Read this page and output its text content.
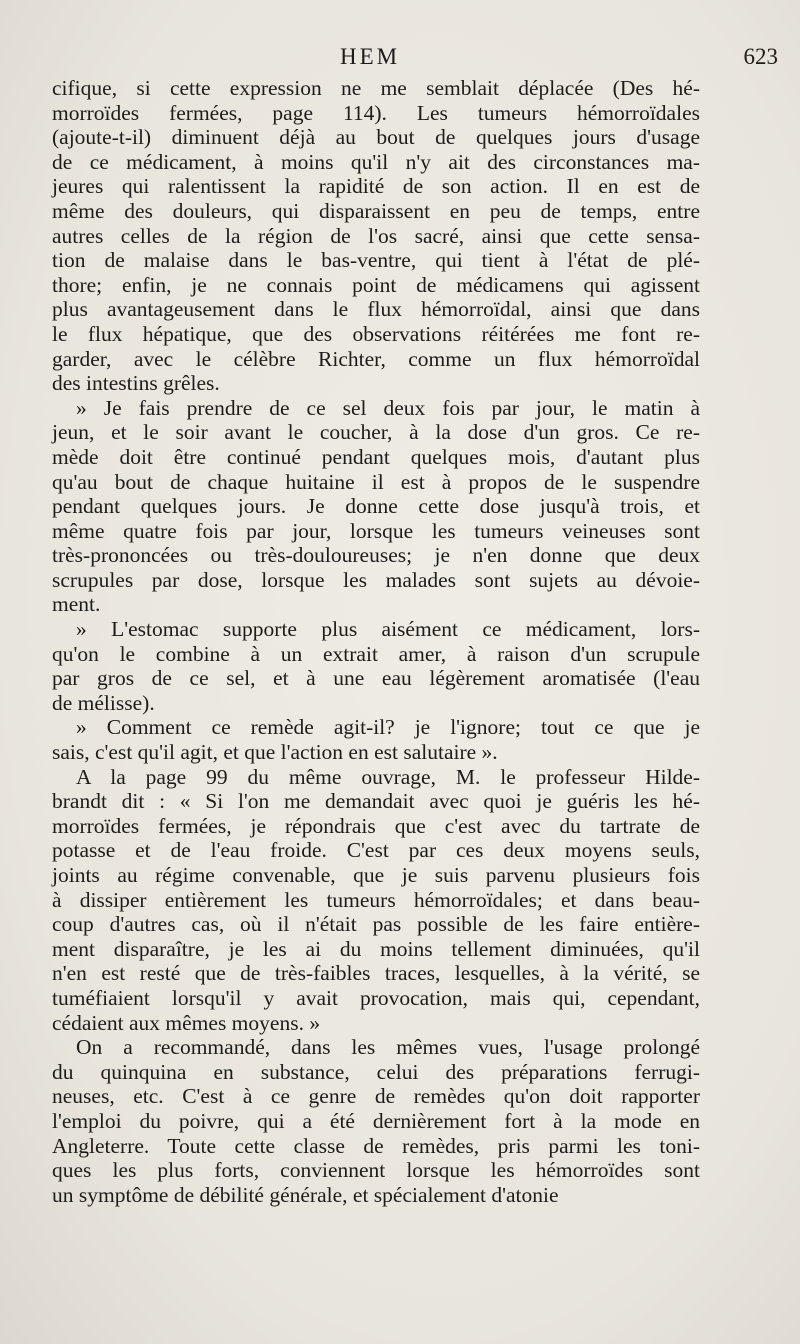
HEM	623
cifique, si cette expression ne me semblait déplacée (Des hé-
morroïdes fermées, page 114). Les tumeurs hémorroïdales
(ajoute-t-il) diminuent déjà au bout de quelques jours d'usage
de ce médicament, à moins qu'il n'y ait des circonstances ma-
jeures qui ralentissent la rapidité de son action. Il en est de
même des douleurs, qui disparaissent en peu de temps, entre
autres celles de la région de l'os sacré, ainsi que cette sensa-
tion de malaise dans le bas-ventre, qui tient à l'état de plé-
thore; enfin, je ne connais point de médicamens qui agissent
plus avantageusement dans le flux hémorroïdal, ainsi que dans
le flux hépatique, que des observations réitérées me font re-
garder, avec le célèbre Richter, comme un flux hémorroïdal
des intestins grêles.
» Je fais prendre de ce sel deux fois par jour, le matin à
jeun, et le soir avant le coucher, à la dose d'un gros. Ce re-
mède doit être continué pendant quelques mois, d'autant plus
qu'au bout de chaque huitaine il est à propos de le suspendre
pendant quelques jours. Je donne cette dose jusqu'à trois, et
même quatre fois par jour, lorsque les tumeurs veineuses sont
très-prononcées ou très-douloureuses; je n'en donne que deux
scrupules par dose, lorsque les malades sont sujets au dévoie-
ment.
» L'estomac supporte plus aisément ce médicament, lors-
qu'on le combine à un extrait amer, à raison d'un scrupule
par gros de ce sel, et à une eau légèrement aromatisée (l'eau
de mélisse).
» Comment ce remède agit-il? je l'ignore; tout ce que je
sais, c'est qu'il agit, et que l'action en est salutaire ».
A la page 99 du même ouvrage, M. le professeur Hilde-
brandt dit : « Si l'on me demandait avec quoi je guéris les hé-
morroïdes fermées, je répondrais que c'est avec du tartrate de
potasse et de l'eau froide. C'est par ces deux moyens seuls,
joints au régime convenable, que je suis parvenu plusieurs fois
à dissiper entièrement les tumeurs hémorroïdales; et dans beau-
coup d'autres cas, où il n'était pas possible de les faire entière-
ment disparaître, je les ai du moins tellement diminuées, qu'il
n'en est resté que de très-faibles traces, lesquelles, à la vérité, se
tuméfiaient lorsqu'il y avait provocation, mais qui, cependant,
cédaient aux mêmes moyens. »
On a recommandé, dans les mêmes vues, l'usage prolongé
du quinquina en substance, celui des préparations ferrugi-
neuses, etc. C'est à ce genre de remèdes qu'on doit rapporter
l'emploi du poivre, qui a été dernièrement fort à la mode en
Angleterre. Toute cette classe de remèdes, pris parmi les toni-
ques les plus forts, conviennent lorsque les hémorroïdes sont
un symptôme de débilité générale, et spécialement d'atonie
